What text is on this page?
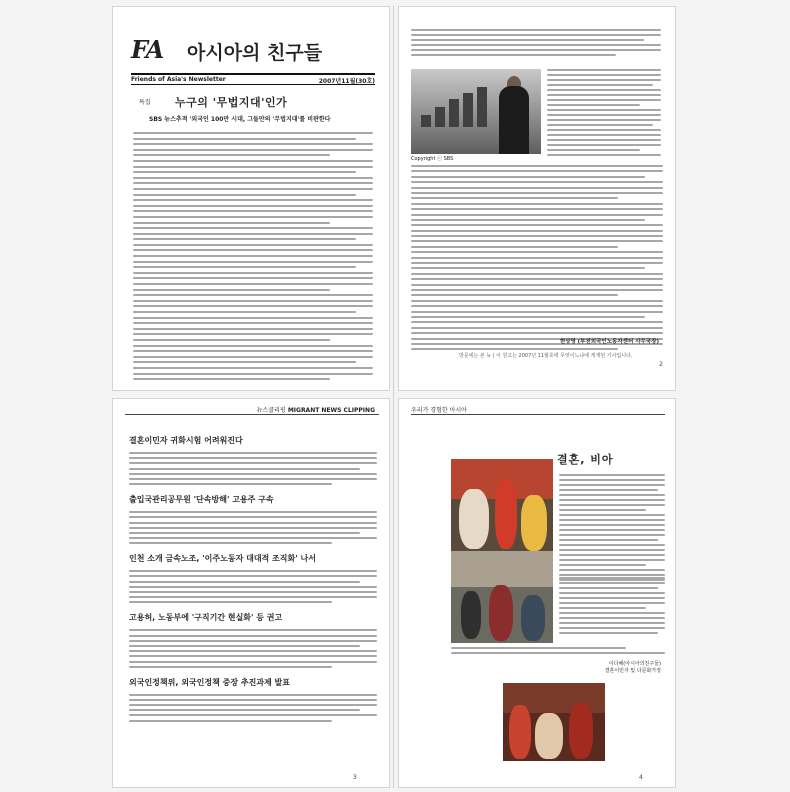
FA 아시아의 친구들
Friends of Asia's Newsletter	2007년11월(30호)
특집 누구의 '무법지대'인가
SBS 뉴스추적 '외국인 100만 시대, 그들만의 '무법지대'를 비판한다
Copyright ⓒ SBS
현상영 (부천외국인노동자센터 사무국장)
방문에는 본 뉴 | 이 원고는 2007년 11월호에 무엇이느냐에 게재된 기사입니다.
2
뉴스클리핑 MIGRANT NEWS CLIPPING
결혼이민자 귀화시험 어려워진다
출입국관리공무원 '단속방해' 고용주 구속
인천 소개 금속노조, '이주노동자 대대적 조직화' 나서
고용허, 노동부에 '구직기간 현실화' 등 권고
외국인정책위, 외국인정책 중장 추진과제 발표
3
우리가 경험한 아시아
결혼, 비아
이다혜(아시아의친구들)
결혼이민자 및 다문화가정
4
